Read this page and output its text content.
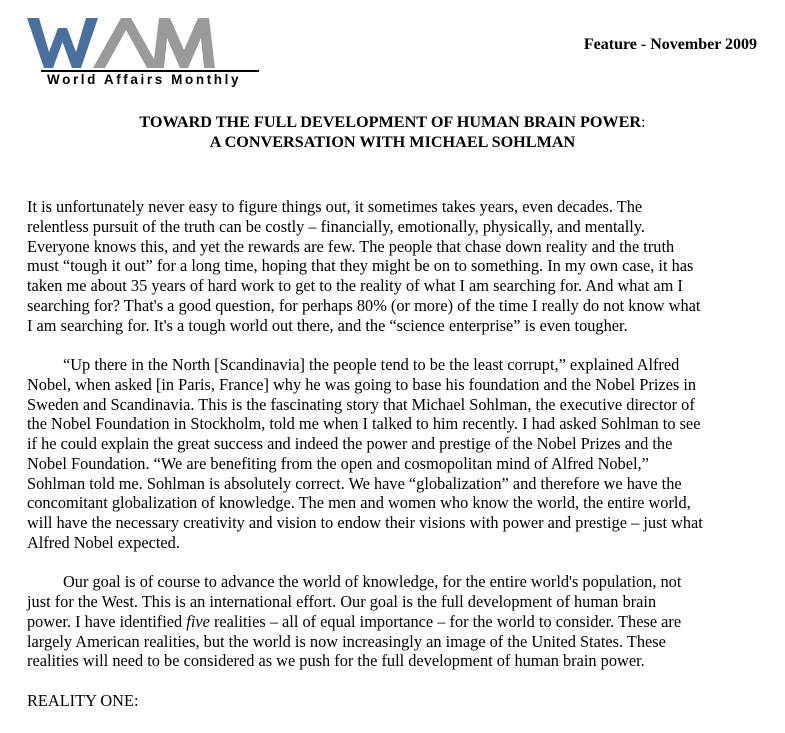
World Affairs Monthly
Feature - November 2009
TOWARD THE FULL DEVELOPMENT OF HUMAN BRAIN POWER:
A CONVERSATION WITH MICHAEL SOHLMAN

It is unfortunately never easy to figure things out, it sometimes takes years, even decades. The
relentless pursuit of the truth can be costly – financially, emotionally, physically, and mentally.
Everyone knows this, and yet the rewards are few. The people that chase down reality and the truth
must “tough it out” for a long time, hoping that they might be on to something. In my own case, it has
taken me about 35 years of hard work to get to the reality of what I am searching for. And what am I
searching for? That's a good question, for perhaps 80% (or more) of the time I really do not know what
I am searching for. It's a tough world out there, and the “science enterprise” is even tougher.

“Up there in the North [Scandinavia] the people tend to be the least corrupt,” explained Alfred
Nobel, when asked [in Paris, France] why he was going to base his foundation and the Nobel Prizes in
Sweden and Scandinavia. This is the fascinating story that Michael Sohlman, the executive director of
the Nobel Foundation in Stockholm, told me when I talked to him recently. I had asked Sohlman to see
if he could explain the great success and indeed the power and prestige of the Nobel Prizes and the
Nobel Foundation. “We are benefiting from the open and cosmopolitan mind of Alfred Nobel,”
Sohlman told me. Sohlman is absolutely correct. We have “globalization” and therefore we have the
concomitant globalization of knowledge. The men and women who know the world, the entire world,
will have the necessary creativity and vision to endow their visions with power and prestige – just what
Alfred Nobel expected.

Our goal is of course to advance the world of knowledge, for the entire world's population, not
just for the West. This is an international effort. Our goal is the full development of human brain
power. I have identified five realities – all of equal importance – for the world to consider. These are
largely American realities, but the world is now increasingly an image of the United States. These
realities will need to be considered as we push for the full development of human brain power.

REALITY ONE:
